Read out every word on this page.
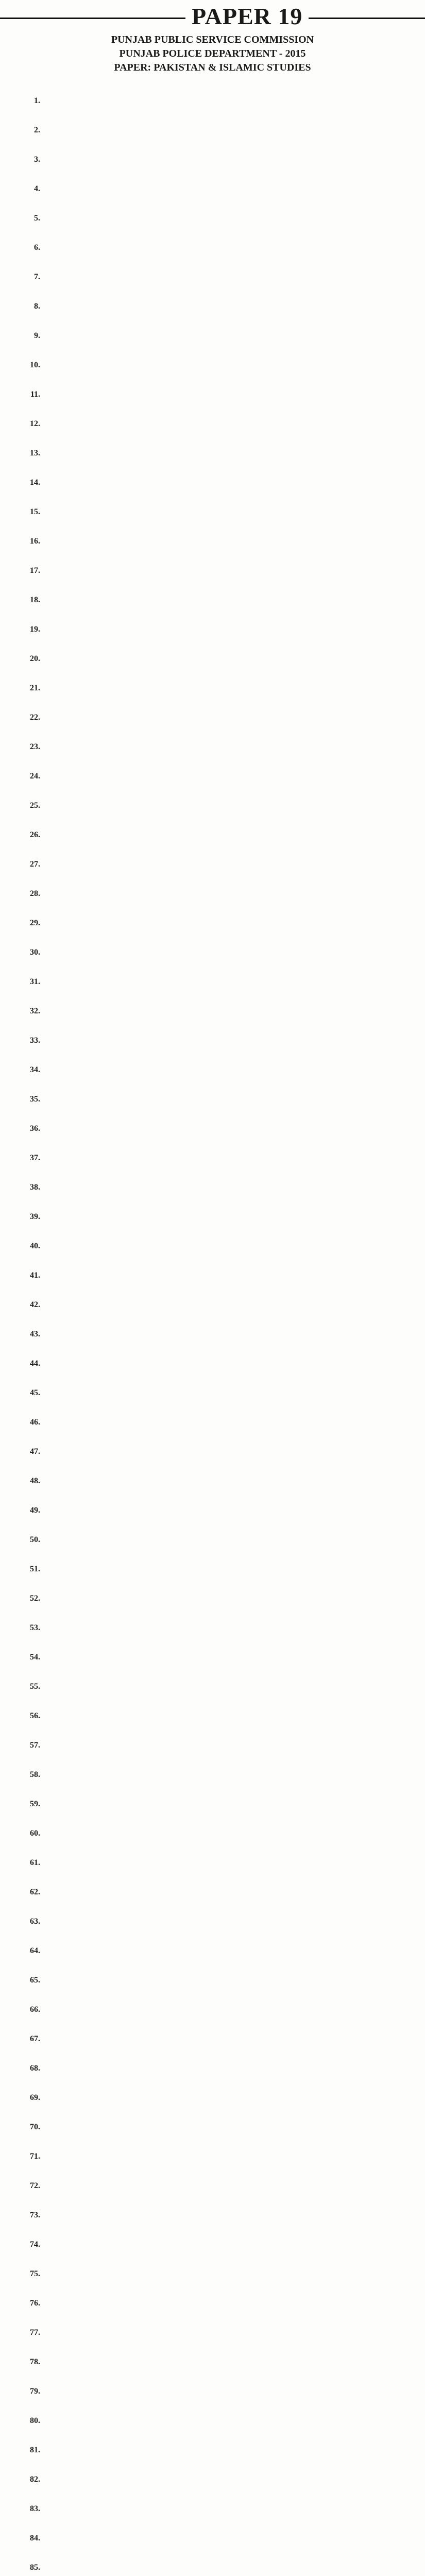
PAPER 19
PUNJAB PUBLIC SERVICE COMMISSION
PUNJAB POLICE DEPARTMENT - 2015
PAPER: PAKISTAN & ISLAMIC STUDIES
1.
2.
3.
4.
5.
6.
7.
8.
9.
10.
11.
12.
13.
14.
15.
16.
17.
18.
19.
20.
21.
22.
23.
24.
25.
26.
27.
28.
29.
30.
31.
32.
33.
34.
35.
36.
37.
38.
39.
40.
41.
42.
43.
44.
45.
46.
47.
48.
49.
50.
51.
52.
53.
54.
55.
56.
57.
58.
59.
60.
61.
62.
63.
64.
65.
66.
67.
68.
69.
70.
71.
72.
73.
74.
75.
76.
77.
78.
79.
80.
81.
82.
83.
84.
85.
